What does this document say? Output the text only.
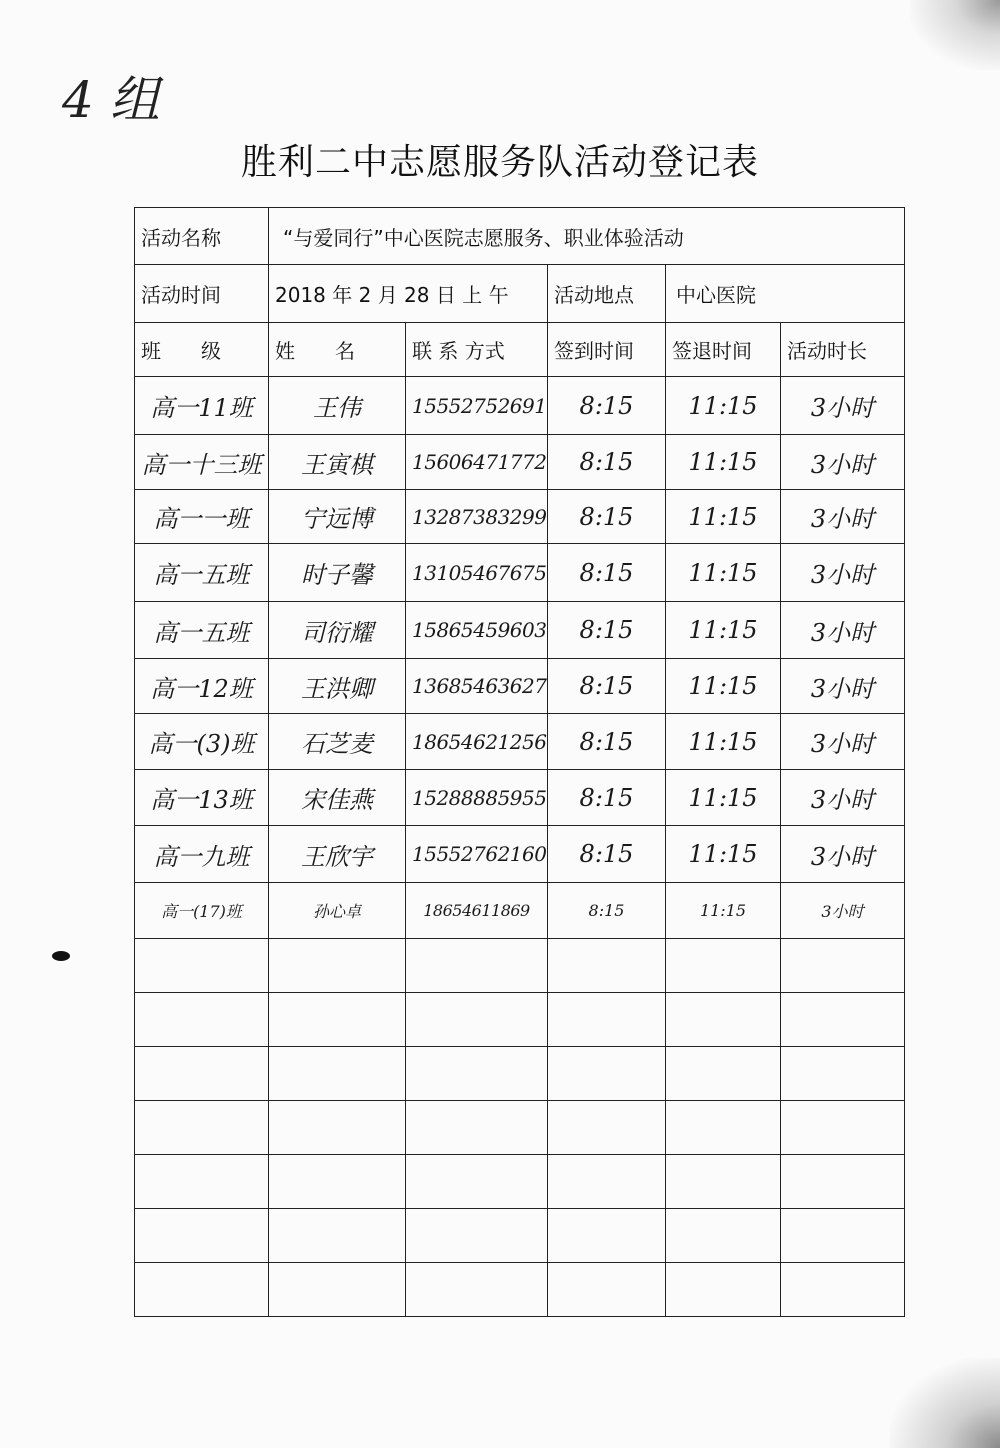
4 组
胜利二中志愿服务队活动登记表
活动名称	“与爱同行”中心医院志愿服务、职业体验活动				
活动时间	2018 年 2 月 28 日 上 午		活动地点	中心医院	
班　　级	姓　　名	联 系 方式	签到时间	签退时间	活动时长
高一11班	王伟	15552752691	8:15	11:15	3小时
高一十三班	王寅棋	15606471772	8:15	11:15	3小时
高一一班	宁远博	13287383299	8:15	11:15	3小时
高一五班	时子馨	13105467675	8:15	11:15	3小时
高一五班	司衍耀	15865459603	8:15	11:15	3小时
高一12班	王洪卿	13685463627	8:15	11:15	3小时
高一(3)班	石芝麦	18654621256	8:15	11:15	3小时
高一13班	宋佳燕	15288885955	8:15	11:15	3小时
高一九班	王欣宇	15552762160	8:15	11:15	3小时
高一(17)班	孙心卓	18654611869	8:15	11:15	3小时
